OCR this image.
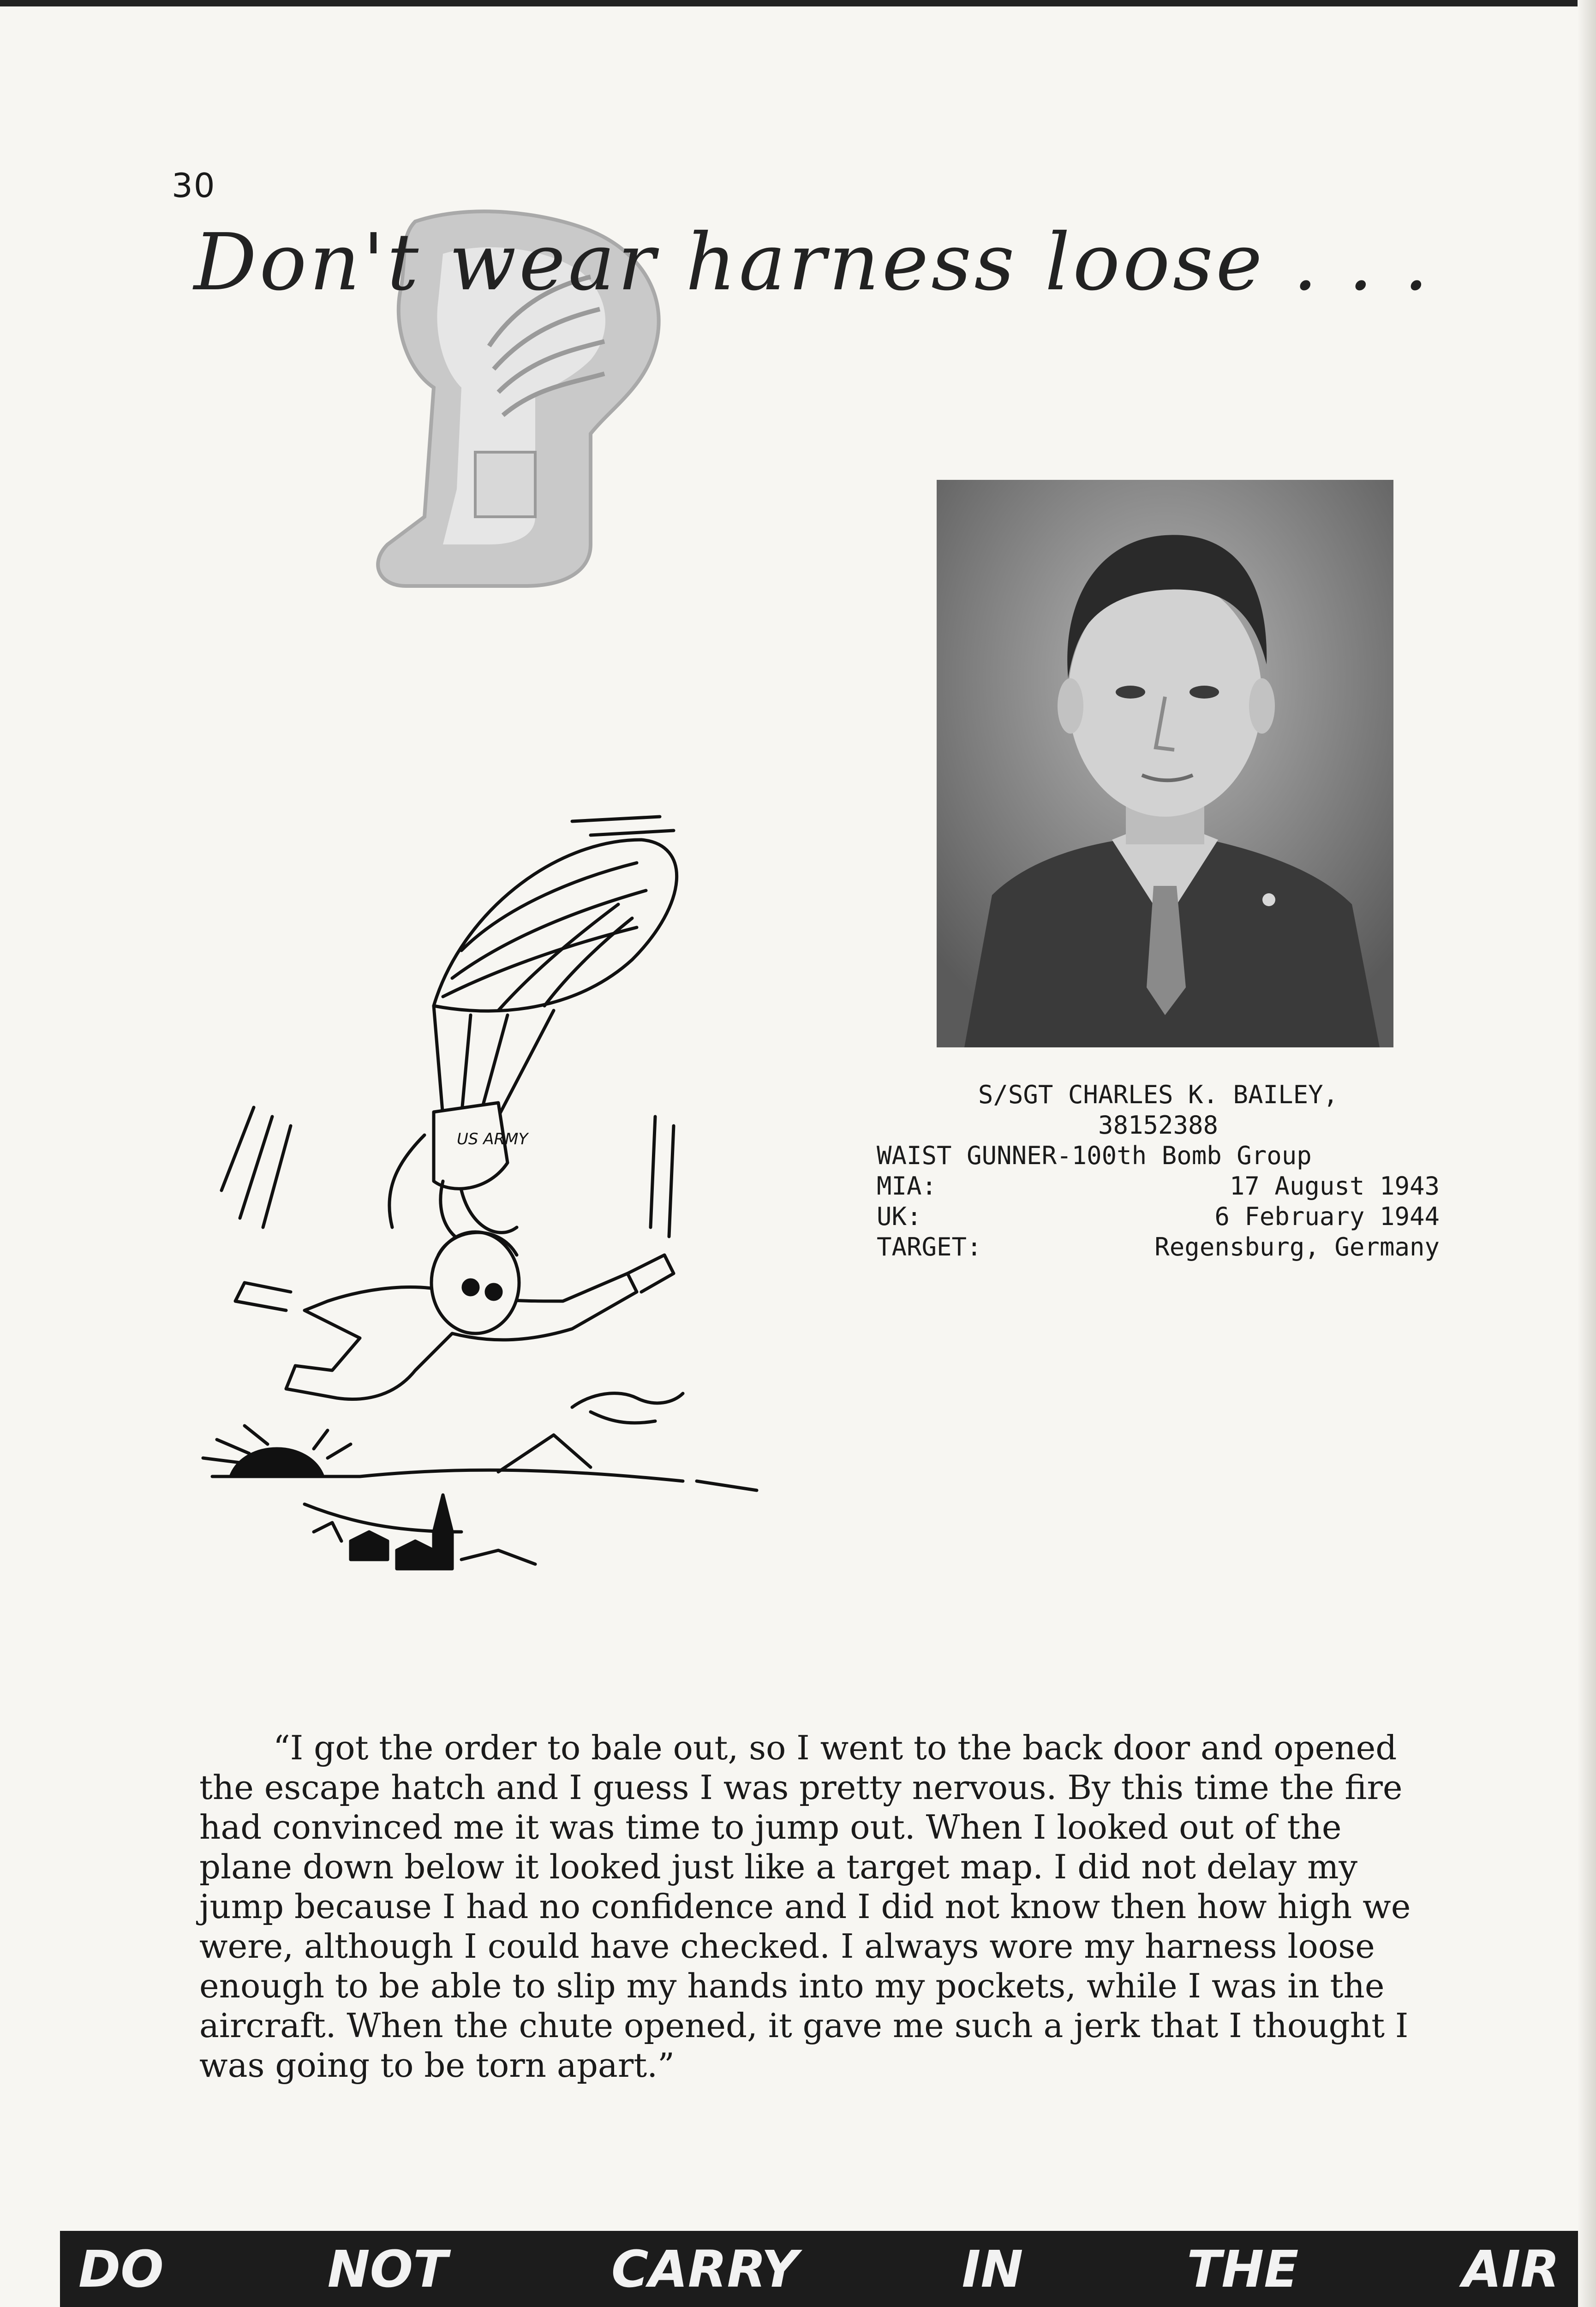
30
Don't wear harness loose . . .
S/SGT CHARLES K. BAILEY,
38152388
WAIST GUNNER-100th Bomb Group
MIA:	17 August 1943
UK:	6 February 1944
TARGET:	Regensburg, Germany
US ARMY

“I got the order to bale out, so I went to the back door and opened the escape hatch and I guess I was pretty nervous. By this time the fire had convinced me it was time to jump out. When I looked out of the plane down below it looked just like a target map. I did not delay my jump because I had no confidence and I did not know then how high we were, although I could have checked. I always wore my harness loose enough to be able to slip my hands into my pockets, while I was in the aircraft. When the chute opened, it gave me such a jerk that I thought I was going to be torn apart.”

DO	NOT	CARRY	IN	THE	AIR
